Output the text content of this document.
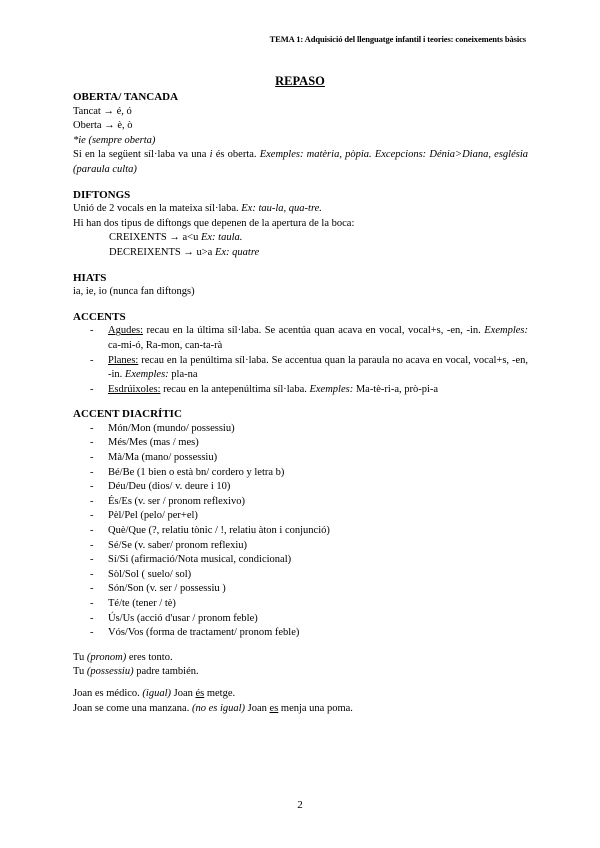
TEMA 1: Adquisició del llenguatge infantil i teories: coneixements bàsics
REPASO

OBERTA/ TANCADA

Tancat → é, ó

Oberta → è, ò

*ie (sempre oberta)

Si en la següent síl·laba va una i és oberta. Exemples: matèria, pòpia. Excepcions: Dénia>Diana, església (paraula culta)

DIFTONGS

Unió de 2 vocals en la mateixa síl·laba. Ex: tau-la, qua-tre.

Hi han dos tipus de diftongs que depenen de la apertura de la boca:

CREIXENTS → a<u Ex: taula.

DECREIXENTS → u>a Ex: quatre

HIATS

ia, ie, io (nunca fan diftongs)

ACCENTS

- Agudes: recau en la última síl·laba. Se acentúa quan acava en vocal, vocal+s, -en, -in. Exemples: ca-mi-ó, Ra-mon, can-ta-rà
- Planes: recau en la penúltima síl·laba. Se accentua quan la paraula no acava en vocal, vocal+s, -en, -in. Exemples: pla-na
- Esdrúixoles: recau en la antepenúltima síl·laba. Exemples: Ma-tè-ri-a, prò-pi-a

ACCENT DIACRÍTIC

- Món/Mon (mundo/ possessiu)
- Més/Mes (mas / mes)
- Mà/Ma (mano/ possessiu)
- Bé/Be (1 bien o està bn/ cordero y letra b)
- Déu/Deu (dios/ v. deure i 10)
- És/Es (v. ser / pronom reflexivo)
- Pèl/Pel (pelo/ per+el)
- Què/Que (?, relatiu tònic / !, relatiu àton i conjunció)
- Sé/Se (v. saber/ pronom reflexiu)
- Sí/Si (afirmació/Nota musical, condicional)
- Sòl/Sol ( suelo/ sol)
- Són/Son (v. ser / possessiu )
- Té/te (tener / tè)
- Ús/Us (acció d'usar / pronom feble)
- Vós/Vos (forma de tractament/ pronom feble)

Tu (pronom) eres tonto.

Tu (possessiu) padre también.

Joan es médico. (igual) Joan és metge.

Joan se come una manzana. (no es igual) Joan es menja una poma.

2
